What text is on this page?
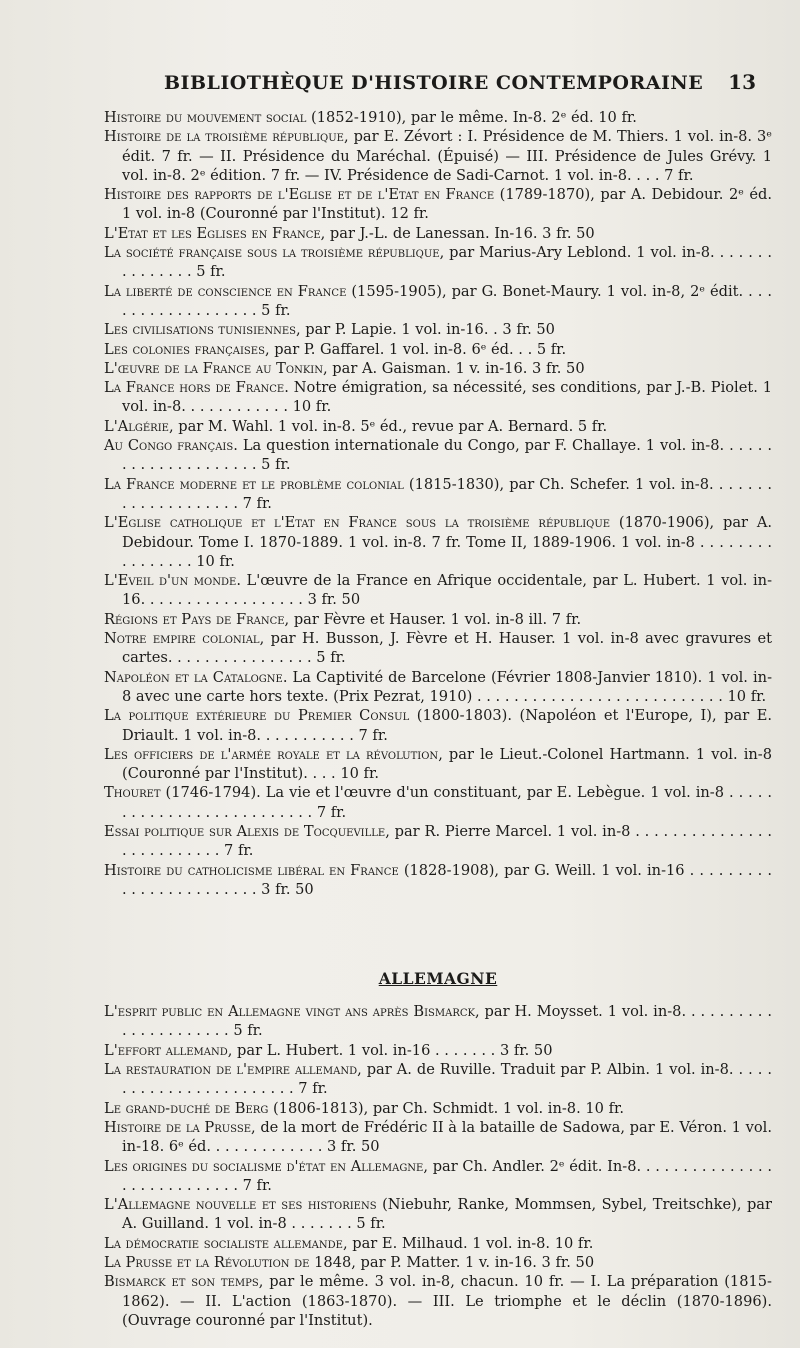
BIBLIOTHÈQUE D'HISTOIRE CONTEMPORAINE 13

Histoire du mouvement social (1852-1910), par le même. In-8. 2ᵉ éd. 10 fr.

Histoire de la troisième république, par E. Zévort : I. Présidence de M. Thiers. 1 vol. in-8. 3ᵉ édit. 7 fr. — II. Présidence du Maréchal. (Épuisé) — III. Présidence de Jules Grévy. 1 vol. in-8. 2ᵉ édition. 7 fr. — IV. Présidence de Sadi-Carnot. 1 vol. in-8. . . . 7 fr.

Histoire des rapports de l'Eglise et de l'Etat en France (1789-1870), par A. Debidour. 2ᵉ éd. 1 vol. in-8 (Couronné par l'Institut). 12 fr.

L'Etat et les Eglises en France, par J.-L. de Lanessan. In-16. 3 fr. 50

La société française sous la troisième république, par Marius-Ary Leblond. 1 vol. in-8. . . . . . . . . . . . . . . 5 fr.

La liberté de conscience en France (1595-1905), par G. Bonet-Maury. 1 vol. in-8, 2ᵉ édit. . . . . . . . . . . . . . . . . . . 5 fr.

Les civilisations tunisiennes, par P. Lapie. 1 vol. in-16. . 3 fr. 50

Les colonies françaises, par P. Gaffarel. 1 vol. in-8. 6ᵉ éd. . . 5 fr.

L'œuvre de la France au Tonkin, par A. Gaisman. 1 v. in-16. 3 fr. 50

La France hors de France. Notre émigration, sa nécessité, ses conditions, par J.-B. Piolet. 1 vol. in-8. . . . . . . . . . . . 10 fr.

L'Algérie, par M. Wahl. 1 vol. in-8. 5ᵉ éd., revue par A. Bernard. 5 fr.

Au Congo français. La question internationale du Congo, par F. Challaye. 1 vol. in-8. . . . . . . . . . . . . . . . . . . . . 5 fr.

La France moderne et le problème colonial (1815-1830), par Ch. Schefer. 1 vol. in-8. . . . . . . . . . . . . . . . . . . . 7 fr.

L'Eglise catholique et l'Etat en France sous la troisième république (1870-1906), par A. Debidour. Tome I. 1870-1889. 1 vol. in-8. 7 fr. Tome II, 1889-1906. 1 vol. in-8 . . . . . . . . . . . . . . . . 10 fr.

L'Eveil d'un monde. L'œuvre de la France en Afrique occidentale, par L. Hubert. 1 vol. in-16. . . . . . . . . . . . . . . . . . 3 fr. 50

Régions et Pays de France, par Fèvre et Hauser. 1 vol. in-8 ill. 7 fr.

Notre empire colonial, par H. Busson, J. Fèvre et H. Hauser. 1 vol. in-8 avec gravures et cartes. . . . . . . . . . . . . . . . 5 fr.

Napoléon et la Catalogne. La Captivité de Barcelone (Février 1808-Janvier 1810). 1 vol. in-8 avec une carte hors texte. (Prix Pezrat, 1910) . . . . . . . . . . . . . . . . . . . . . . . . . . . 10 fr.

La politique extérieure du Premier Consul (1800-1803). (Napoléon et l'Europe, I), par E. Driault. 1 vol. in-8. . . . . . . . . . . 7 fr.

Les officiers de l'armée royale et la révolution, par le Lieut.-Colonel Hartmann. 1 vol. in-8 (Couronné par l'Institut). . . . 10 fr.

Thouret (1746-1794). La vie et l'œuvre d'un constituant, par E. Lebègue. 1 vol. in-8 . . . . . . . . . . . . . . . . . . . . . . . . . . 7 fr.

Essai politique sur Alexis de Tocqueville, par R. Pierre Marcel. 1 vol. in-8 . . . . . . . . . . . . . . . . . . . . . . . . . . 7 fr.

Histoire du catholicisme libéral en France (1828-1908), par G. Weill. 1 vol. in-16 . . . . . . . . . . . . . . . . . . . . . . . . 3 fr. 50

ALLEMAGNE

L'esprit public en Allemagne vingt ans après Bismarck, par H. Moysset. 1 vol. in-8. . . . . . . . . . . . . . . . . . . . . . 5 fr.

L'effort allemand, par L. Hubert. 1 vol. in-16 . . . . . . . 3 fr. 50

La restauration de l'empire allemand, par A. de Ruville. Traduit par P. Albin. 1 vol. in-8. . . . . . . . . . . . . . . . . . . . . . . . 7 fr.

Le grand-duché de Berg (1806-1813), par Ch. Schmidt. 1 vol. in-8. 10 fr.

Histoire de la Prusse, de la mort de Frédéric II à la bataille de Sadowa, par E. Véron. 1 vol. in-18. 6ᵉ éd. . . . . . . . . . . . . 3 fr. 50

Les origines du socialisme d'état en Allemagne, par Ch. Andler. 2ᵉ édit. In-8. . . . . . . . . . . . . . . . . . . . . . . . . . . . 7 fr.

L'Allemagne nouvelle et ses historiens (Niebuhr, Ranke, Mommsen, Sybel, Treitschke), par A. Guilland. 1 vol. in-8 . . . . . . . 5 fr.

La démocratie socialiste allemande, par E. Milhaud. 1 vol. in-8. 10 fr.

La Prusse et la Révolution de 1848, par P. Matter. 1 v. in-16. 3 fr. 50

Bismarck et son temps, par le même. 3 vol. in-8, chacun. 10 fr. — I. La préparation (1815-1862). — II. L'action (1863-1870). — III. Le triomphe et le déclin (1870-1896). (Ouvrage couronné par l'Institut).
